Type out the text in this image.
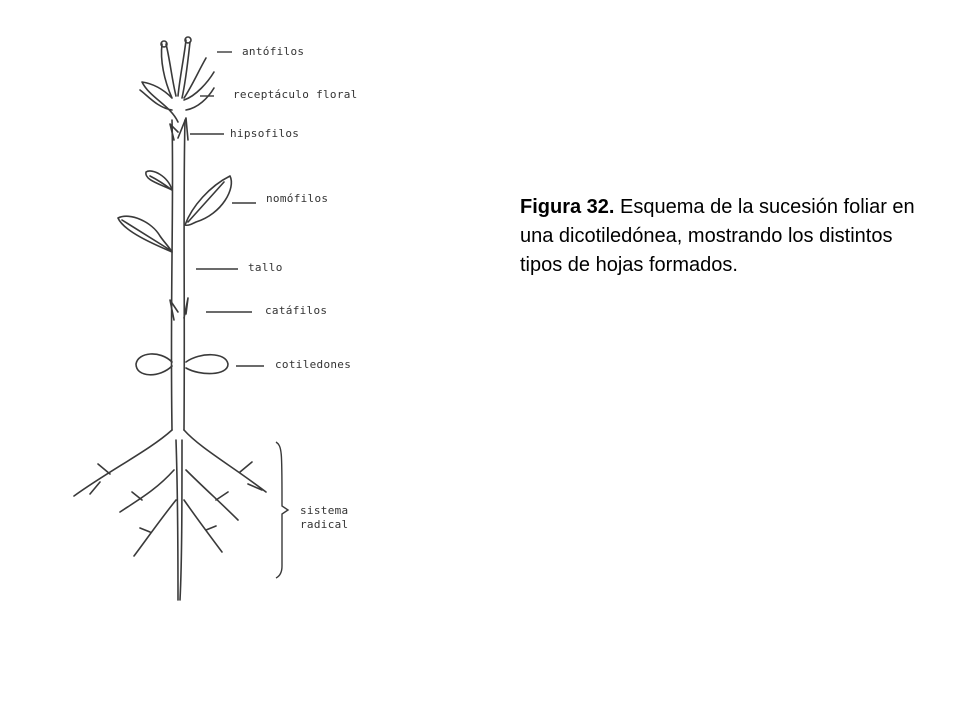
antófilos
receptáculo floral
hipsofilos
nomófilos
tallo
catáfilos
cotiledones
sistema
radical
Figura 32. Esquema de la sucesión foliar en una dicotiledónea, mostrando los distintos tipos de hojas formados.
